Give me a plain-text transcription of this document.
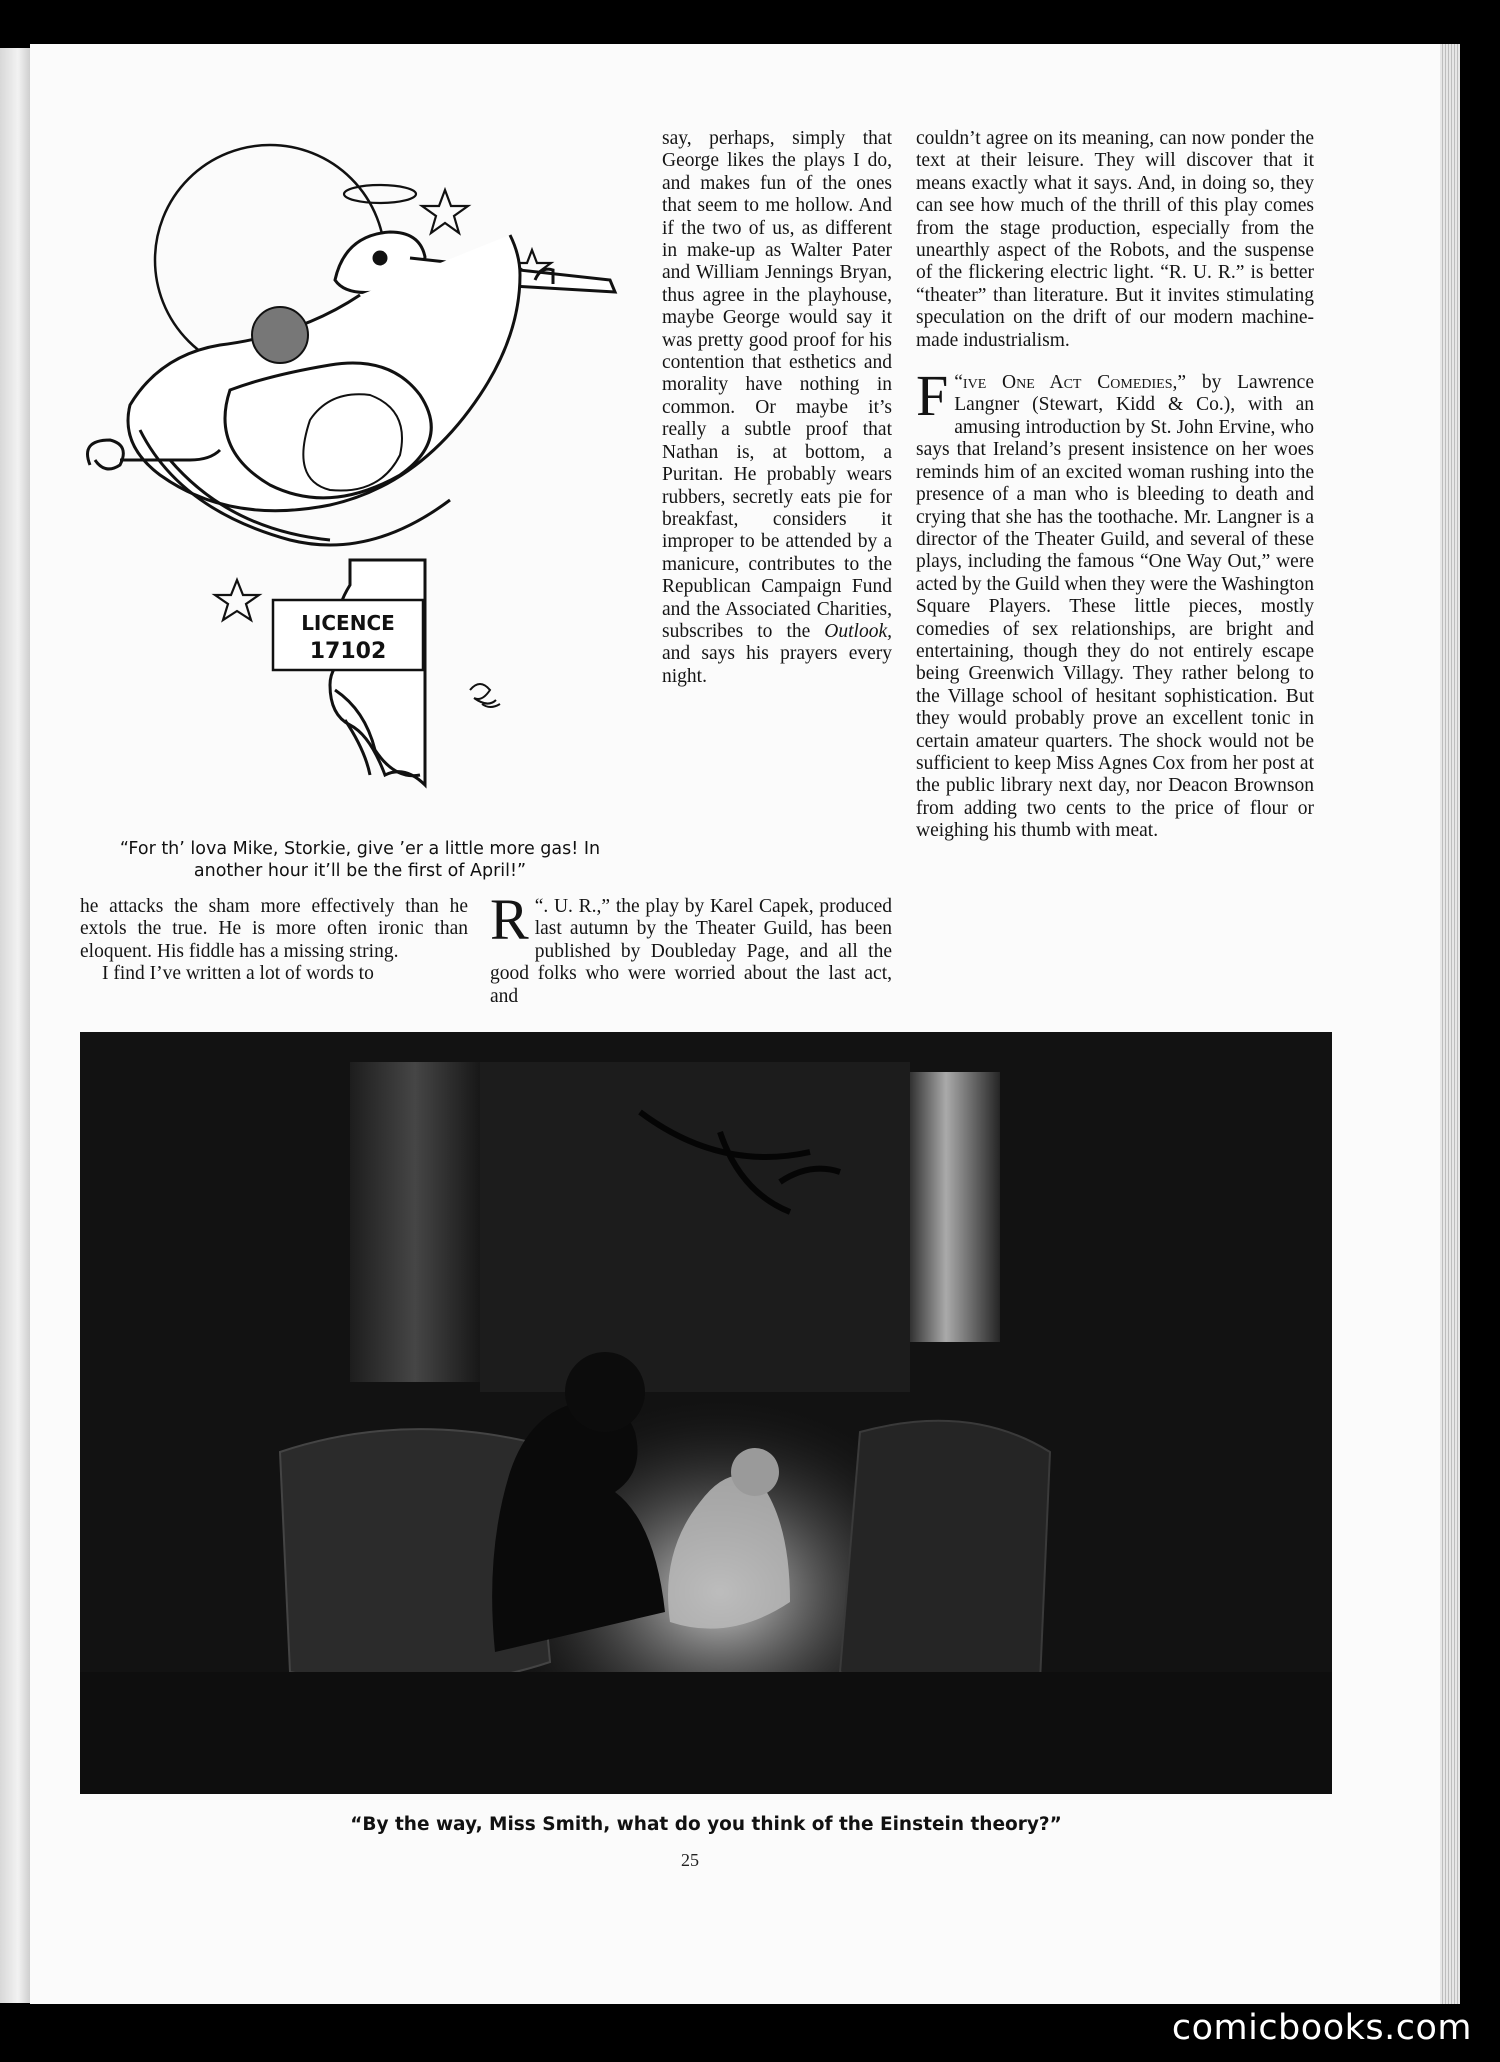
LICENCE
17102
“For th’ lova Mike, Storkie, give ’er a little more gas! In another hour it’ll be the first of April!”

say, perhaps, simply that George likes the plays I do, and makes fun of the ones that seem to me hollow. And if the two of us, as different in make-up as Walter Pater and William Jennings Bryan, thus agree in the playhouse, maybe George would say it was pretty good proof for his contention that esthetics and morality have nothing in common. Or maybe it’s really a subtle proof that Nathan is, at bottom, a Puritan. He probably wears rubbers, secretly eats pie for breakfast, considers it improper to be attended by a manicure, contributes to the Republican Campaign Fund and the Associated Charities, subscribes to the Outlook, and says his prayers every night.

couldn’t agree on its meaning, can now ponder the text at their leisure. They will discover that it means exactly what it says. And, in doing so, they can see how much of the thrill of this play comes from the stage production, especially from the unearthly aspect of the Robots, and the suspense of the flickering electric light. “R. U. R.” is better “theater” than literature. But it invites stimulating speculation on the drift of our modern machine-made industrialism.

“
F ive One Act Comedies,” by Lawrence Langner (Stewart, Kidd & Co.), with an amusing introduction by St. John Ervine, who says that Ireland’s present insistence on her woes reminds him of an excited woman rushing into the presence of a man who is bleeding to death and crying that she has the toothache. Mr. Langner is a director of the Theater Guild, and several of these plays, including the famous “One Way Out,” were acted by the Guild when they were the Washington Square Players. These little pieces, mostly comedies of sex relationships, are bright and entertaining, though they do not entirely escape being Greenwich Villagy. They rather belong to the Village school of hesitant sophistication. But they would probably prove an excellent tonic in certain amateur quarters. The shock would not be sufficient to keep Miss Agnes Cox from her post at the public library next day, nor Deacon Brownson from adding two cents to the price of flour or weighing his thumb with meat.

he attacks the sham more effectively than he extols the true. He is more often ironic than eloquent. His fiddle has a missing string.

I find I’ve written a lot of words to

“
R . U. R.,” the play by Karel Capek, produced last autumn by the Theater Guild, has been published by Doubleday Page, and all the good folks who were worried about the last act, and

“By the way, Miss Smith, what do you think of the Einstein theory?”
25
comicbooks.com
